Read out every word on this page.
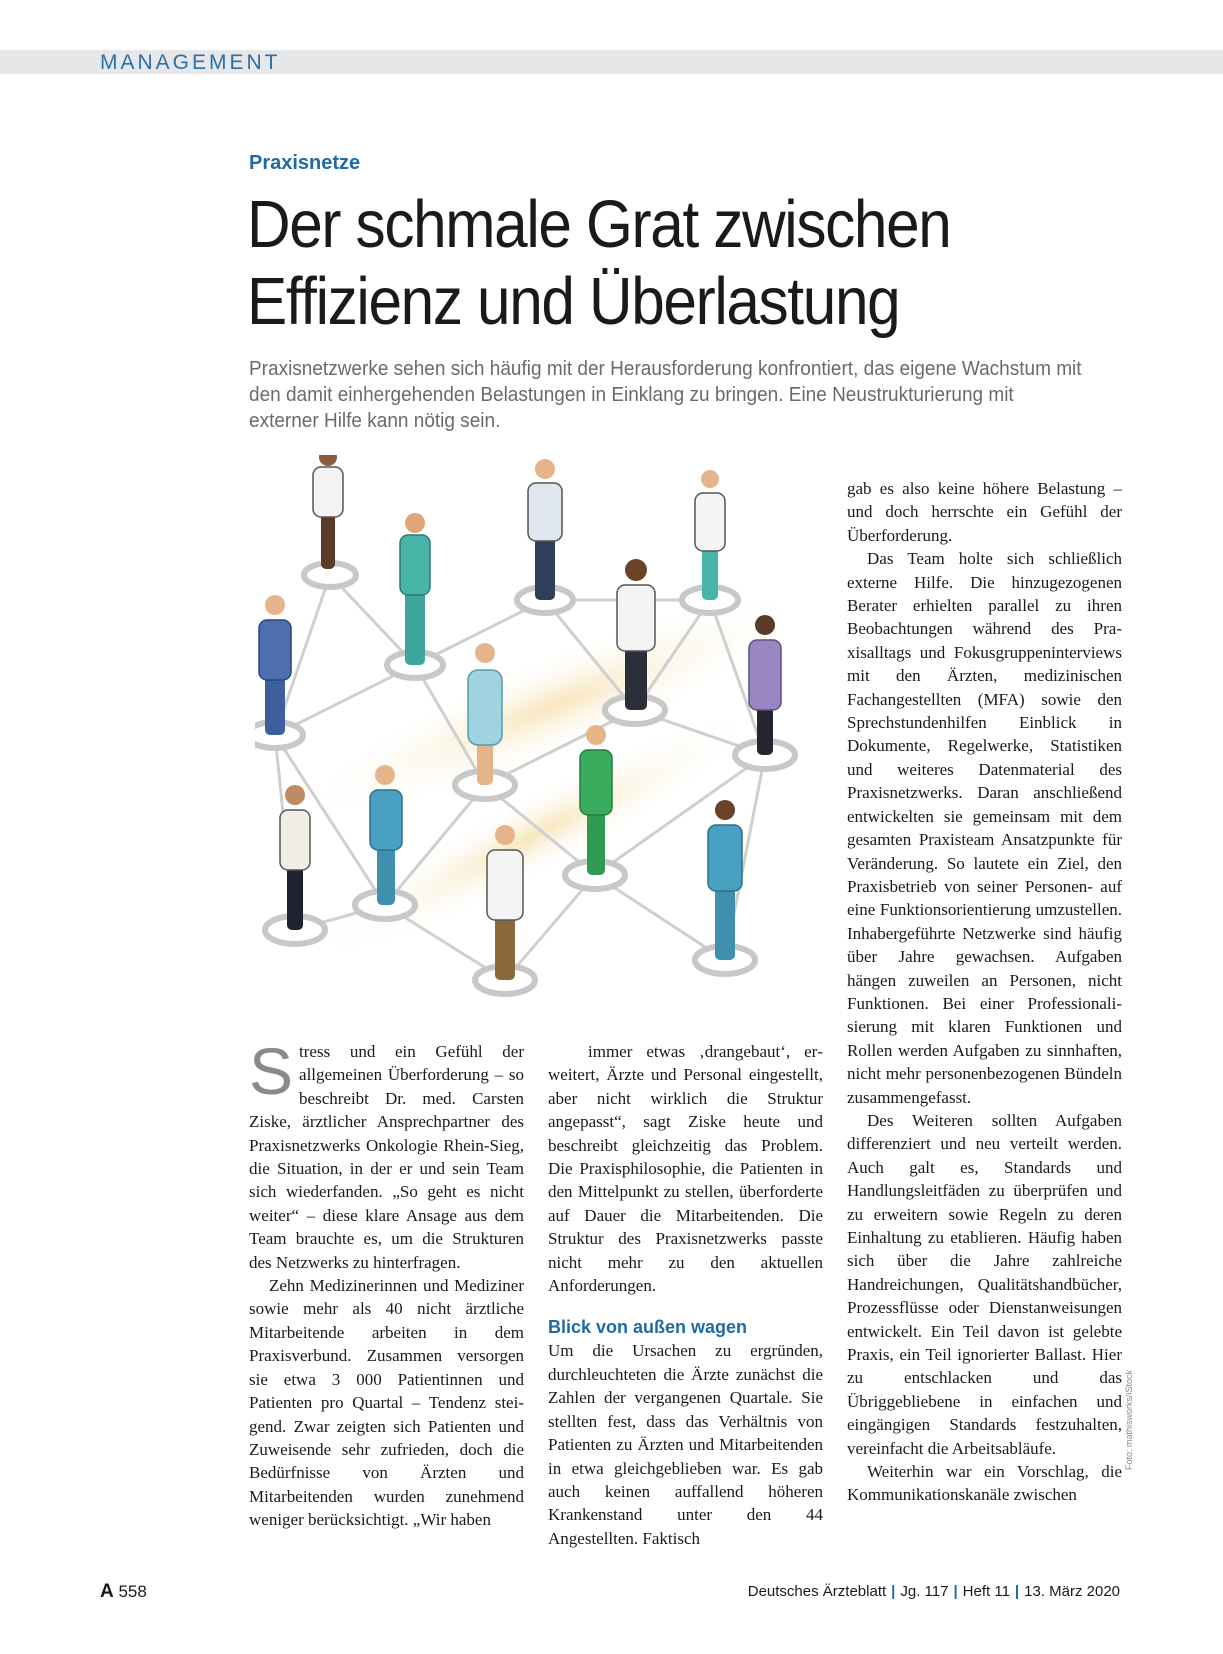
MANAGEMENT
Praxisnetze
Der schmale Grat zwischen
Effizienz und Überlastung

Praxisnetzwerke sehen sich häufig mit der Herausforderung konfrontiert, das eigene Wachstum mit den damit einhergehenden Belastungen in Einklang zu bringen. Eine Neustrukturierung mit externer Hilfe kann nötig sein.

S tress und ein Gefühl der allgemeinen Überforderung – so beschreibt Dr. med. Carsten Ziske, ärztlicher Ansprechpartner des Praxisnetzwerks Onkologie Rhein-Sieg, die Situation, in der er und sein Team sich wiederfanden. „So geht es nicht weiter“ – diese klare Ansage aus dem Team brauchte es, um die Strukturen des Netzwerks zu hinterfragen.

Zehn Medizinerinnen und Mediziner sowie mehr als 40 nicht ärztliche Mitarbeitende arbeiten in dem Praxisverbund. Zusammen versorgen sie etwa 3 000 Patientinnen und Patienten pro Quartal – Tendenz steigend. Zwar zeigten sich Patienten und Zuweisende sehr zufrieden, doch die Bedürfnisse von Ärzten und Mitarbeitenden wurden zunehmend weniger berücksichtigt. „Wir haben

immer etwas ‚drangebaut‘, erweitert, Ärzte und Personal eingestellt, aber nicht wirklich die Struktur angepasst“, sagt Ziske heute und beschreibt gleichzeitig das Problem. Die Praxisphilosophie, die Patienten in den Mittelpunkt zu stellen, überforderte auf Dauer die Mitarbeitenden. Die Struktur des Praxisnetzwerks passte nicht mehr zu den aktuellen Anforderungen.

Blick von außen wagen

Um die Ursachen zu ergründen, durchleuchteten die Ärzte zunächst die Zahlen der vergangenen Quartale. Sie stellten fest, dass das Verhältnis von Patienten zu Ärzten und Mitarbeitenden in etwa gleichgeblieben war. Es gab auch keinen auffallend höheren Krankenstand unter den 44 Angestellten. Faktisch

gab es also keine höhere Belastung – und doch herrschte ein Gefühl der Überforderung.

Das Team holte sich schließlich externe Hilfe. Die hinzugezogenen Berater erhielten parallel zu ihren Beobachtungen während des Praxisalltags und Fokusgruppeninterviews mit den Ärzten, medizinischen Fachangestellten (MFA) sowie den Sprechstundenhilfen Einblick in Dokumente, Regelwerke, Statistiken und weiteres Datenmaterial des Praxisnetzwerks. Daran anschließend entwickelten sie gemeinsam mit dem gesamten Praxisteam Ansatzpunkte für Veränderung. So lautete ein Ziel, den Praxisbetrieb von seiner Personen- auf eine Funktionsorientierung umzustellen. Inhabergeführte Netzwerke sind häufig über Jahre gewachsen. Aufgaben hängen zuweilen an Personen, nicht Funktionen. Bei einer Professionalisierung mit klaren Funktionen und Rollen werden Aufgaben zu sinnhaften, nicht mehr personenbezogenen Bündeln zusammengefasst.

Des Weiteren sollten Aufgaben differenziert und neu verteilt werden. Auch galt es, Standards und Handlungsleitfäden zu überprüfen und zu erweitern sowie Regeln zu deren Einhaltung zu etablieren. Häufig haben sich über die Jahre zahlreiche Handreichungen, Qualitätshandbücher, Prozessflüsse oder Dienstanweisungen entwickelt. Ein Teil davon ist gelebte Praxis, ein Teil ignorierter Ballast. Hier zu entschlacken und das Übriggebliebene in einfachen und eingängigen Standards festzuhalten, vereinfacht die Arbeitsabläufe.

Weiterhin war ein Vorschlag, die Kommunikationskanäle zwischen

Foto: mathisworks/iStock
A 558	Deutsches Ärzteblatt | Jg. 117 | Heft 11 | 13. März 2020
